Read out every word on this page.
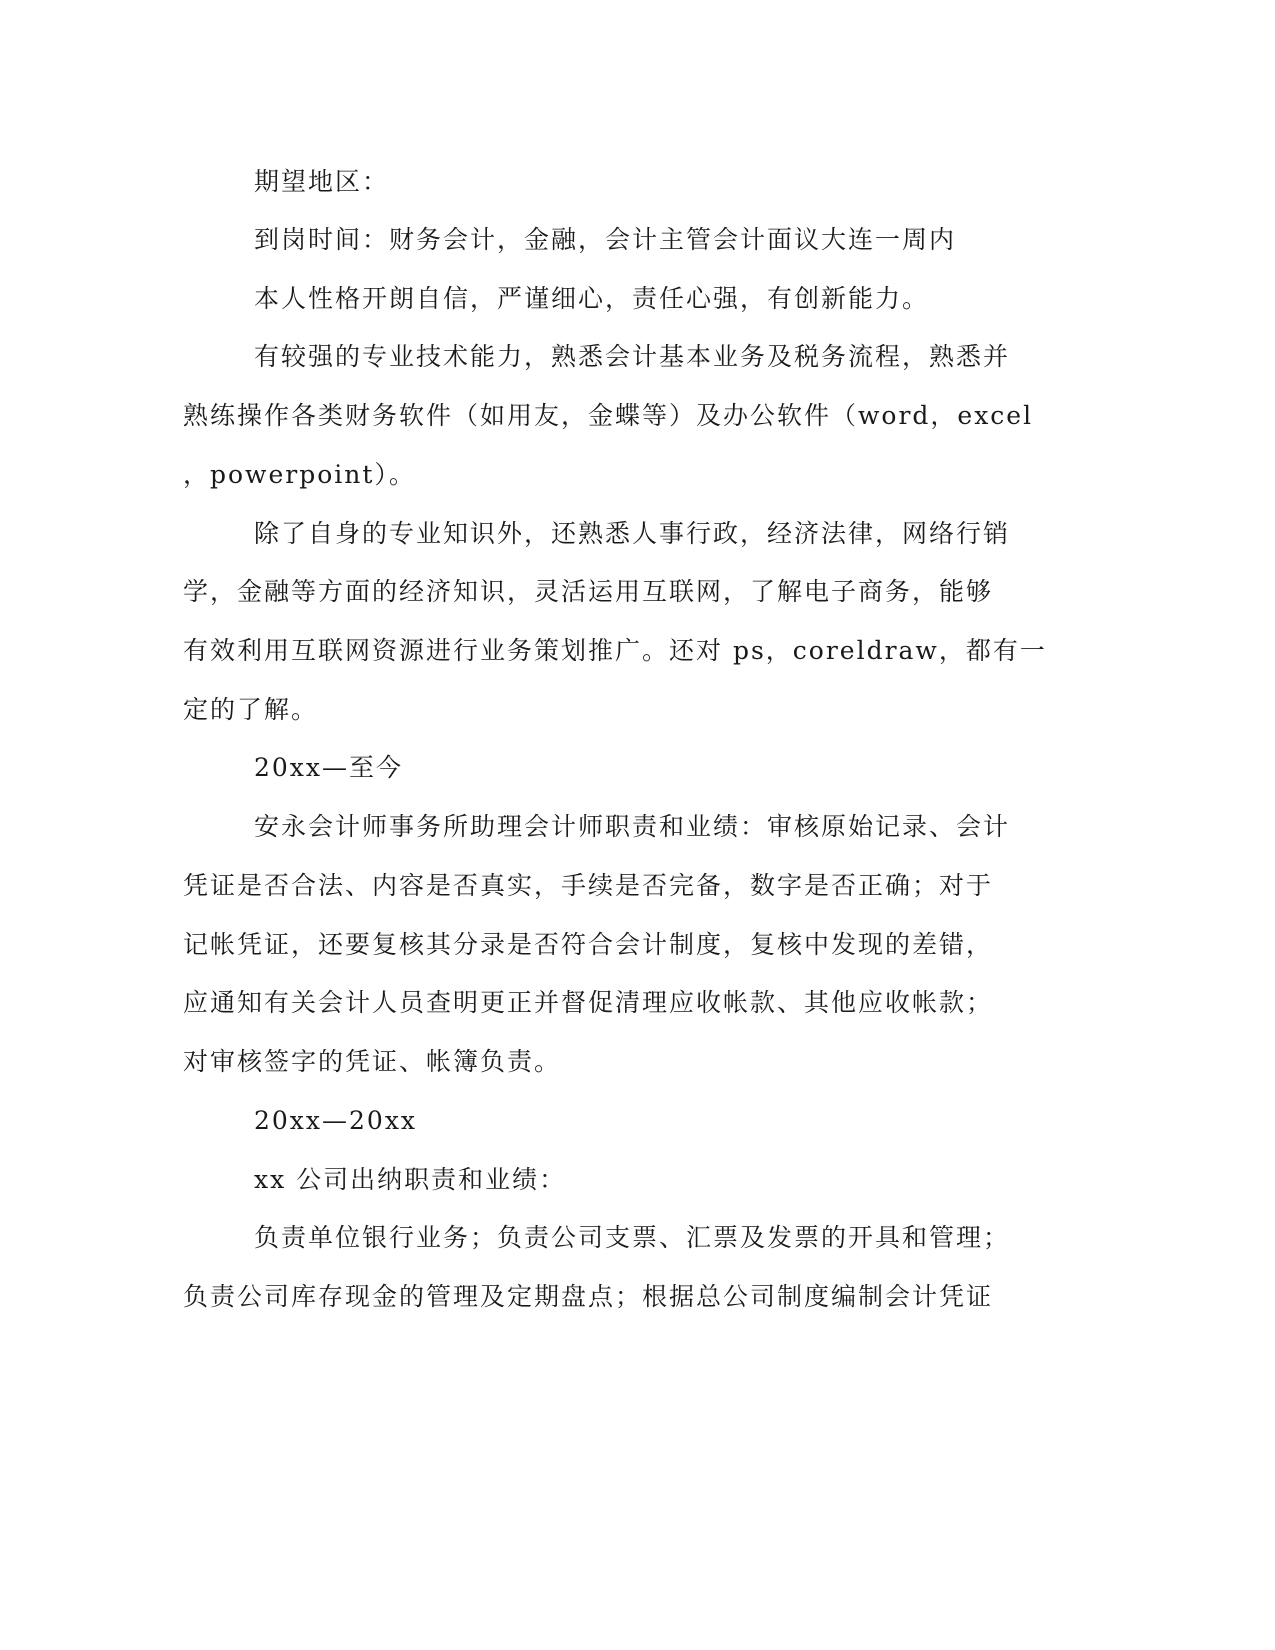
期望地区：
到岗时间：财务会计，金融，会计主管会计面议大连一周内
本人性格开朗自信，严谨细心，责任心强，有创新能力。
有较强的专业技术能力，熟悉会计基本业务及税务流程，熟悉并
熟练操作各类财务软件（如用友，金蝶等）及办公软件（word，excel
，powerpoint）。
除了自身的专业知识外，还熟悉人事行政，经济法律，网络行销
学，金融等方面的经济知识，灵活运用互联网，了解电子商务，能够
有效利用互联网资源进行业务策划推广。还对 ps，coreldraw，都有一
定的了解。
20xx—至今
安永会计师事务所助理会计师职责和业绩：审核原始记录、会计
凭证是否合法、内容是否真实，手续是否完备，数字是否正确；对于
记帐凭证，还要复核其分录是否符合会计制度，复核中发现的差错，
应通知有关会计人员查明更正并督促清理应收帐款、其他应收帐款；
对审核签字的凭证、帐簿负责。
20xx—20xx
xx 公司出纳职责和业绩：
负责单位银行业务；负责公司支票、汇票及发票的开具和管理；
负责公司库存现金的管理及定期盘点；根据总公司制度编制会计凭证
